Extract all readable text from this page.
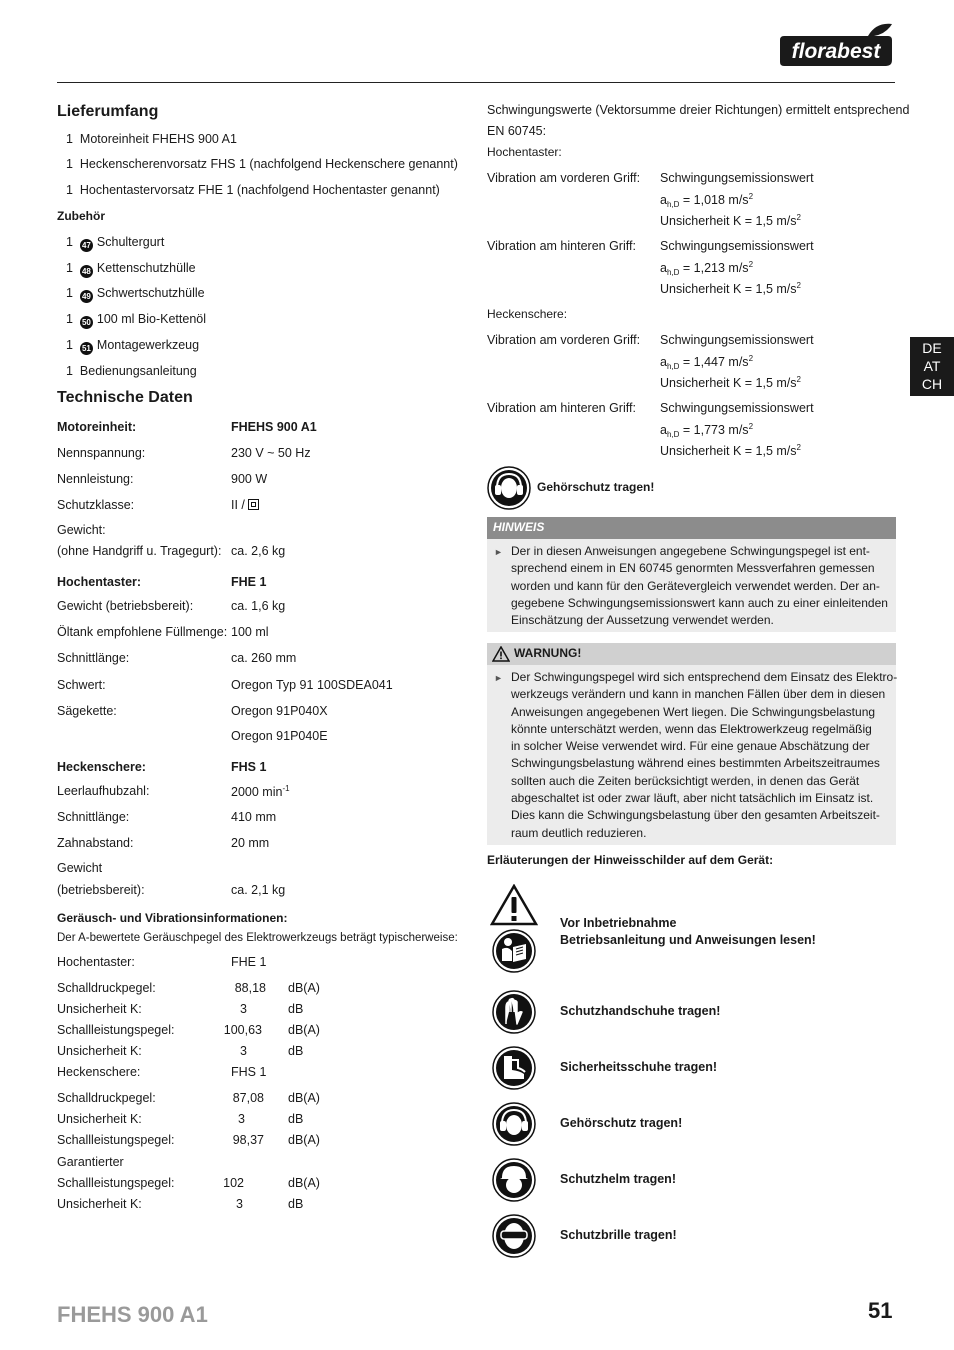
florabest
DE
AT
CH
Lieferumfang
1 Motoreinheit FHEHS 900 A1
1 Heckenscherenvorsatz FHS 1 (nachfolgend Heckenschere genannt)
1 Hochentastervorsatz FHE 1 (nachfolgend Hochentaster genannt)
Zubehör
1 47 Schultergurt
1 48 Kettenschutzhülle
1 49 Schwertschutzhülle
1 50 100 ml Bio-Kettenöl
1 51 Montagewerkzeug
1 Bedienungsanleitung
Technische Daten
Motoreinheit:	FHEHS 900 A1
Nennspannung:	230 V ~ 50 Hz
Nennleistung:	900 W
Schutzklasse:	II /
Gewicht:
(ohne Handgriff u. Tragegurt): ca. 2,6 kg
Hochentaster:	FHE 1
Gewicht (betriebsbereit):	ca. 1,6 kg
Öltank empfohlene Füllmenge: 100 ml
Schnittlänge:	ca. 260 mm
Schwert:	Oregon Typ 91 100SDEA041
Sägekette:	Oregon 91P040X
Oregon 91P040E
Heckenschere:	FHS 1
Leerlaufhubzahl:	2000 $\min^{-1}$
Schnittlänge:	410 mm
Zahnabstand:	20 mm
Gewicht
(betriebsbereit):	ca. 2,1 kg
Geräusch- und Vibrationsinformationen:
Der A-bewertete Geräuschpegel des Elektrowerkzeugs beträgt typischerweise:
Hochentaster:	FHE 1
Schalldruckpegel:	88,18 dB(A)
Unsicherheit K:	3	dB
Schallleistungspegel:	100,63 dB(A)
Unsicherheit K:	3	dB
Heckenschere:	FHS 1
Schalldruckpegel:	87,08 dB(A)
Unsicherheit K:	3	dB
Schallleistungspegel:	98,37 dB(A)
Garantierter
Schallleistungspegel:	102	dB(A)
Unsicherheit K:	3	dB
Schwingungswerte (Vektorsumme dreier Richtungen) ermittelt entsprechend
EN 60745:
Hochentaster:
Vibration am vorderen Griff: Schwingungsemissionswert
$a_{h,D} = 1,018$ $m/s^2$
Unsicherheit K = 1,5 $m/s^2$
Vibration am hinteren Griff: Schwingungsemissionswert
$a_{h,D} = 1,213$ $m/s^2$
Unsicherheit K = 1,5 $m/s^2$
Heckenschere:
Vibration am vorderen Griff: Schwingungsemissionswert
$a_{h,D} = 1,447$ $m/s^2$
Unsicherheit K = 1,5 $m/s^2$
Vibration am hinteren Griff: Schwingungsemissionswert
$a_{h,D} = 1,773$ $m/s^2$
Unsicherheit K = 1,5 $m/s^2$
Gehörschutz tragen!
HINWEIS
► Der in diesen Anweisungen angegebene Schwingungspegel ist ent-
sprechend einem in EN 60745 genormten Messverfahren gemessen
worden und kann für den Gerätevergleich verwendet werden. Der an-
gegebene Schwingungsemissionswert kann auch zu einer einleitenden
Einschätzung der Aussetzung verwendet werden.
WARNUNG!
► Der Schwingungspegel wird sich entsprechend dem Einsatz des Elektro-
werkzeugs verändern und kann in manchen Fällen über dem in diesen
Anweisungen angegebenen Wert liegen. Die Schwingungsbelastung
könnte unterschätzt werden, wenn das Elektrowerkzeug regelmäßig
in solcher Weise verwendet wird. Für eine genaue Abschätzung der
Schwingungsbelastung während eines bestimmten Arbeitszeitraumes
sollten auch die Zeiten berücksichtigt werden, in denen das Gerät
abgeschaltet ist oder zwar läuft, aber nicht tatsächlich im Einsatz ist.
Dies kann die Schwingungsbelastung über den gesamten Arbeitszeit-
raum deutlich reduzieren.
Erläuterungen der Hinweisschilder auf dem Gerät:
Vor Inbetriebnahme
Betriebsanleitung und Anweisungen lesen!
Schutzhandschuhe tragen!
Sicherheitsschuhe tragen!
Gehörschutz tragen!
Schutzhelm tragen!
Schutzbrille tragen!
FHEHS 900 A1	51
